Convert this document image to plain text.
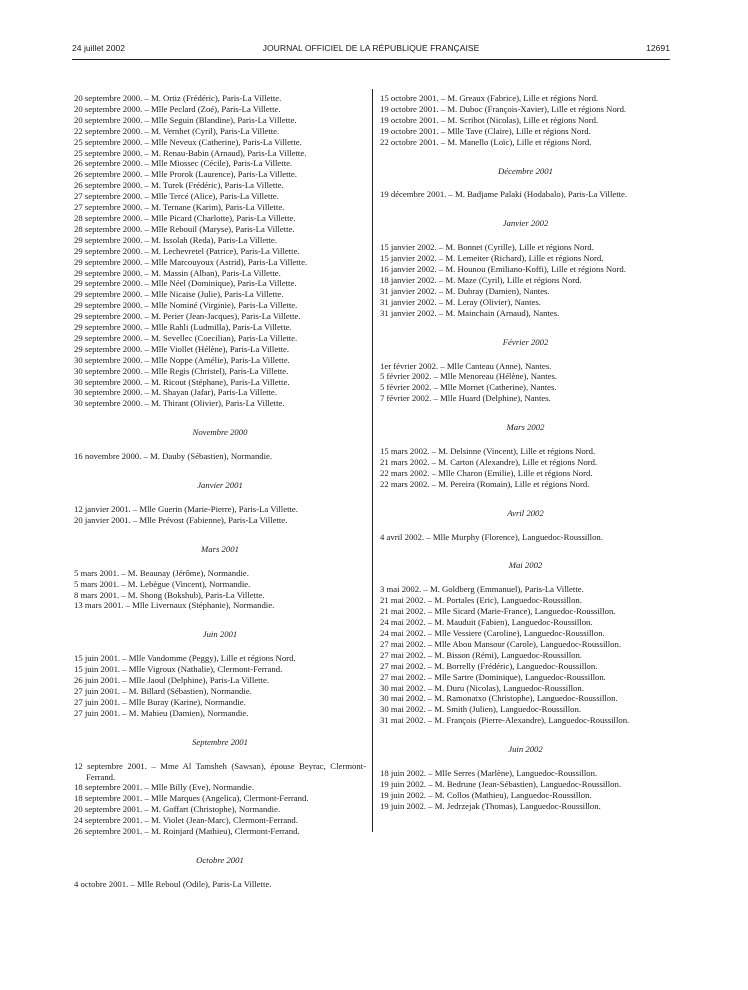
24 juillet 2002	JOURNAL OFFICIEL DE LA RÉPUBLIQUE FRANÇAISE	12691
20 septembre 2000. – M. Ortiz (Frédéric), Paris-La Villette.
20 septembre 2000. – Mlle Peclard (Zoé), Paris-La Villette.
20 septembre 2000. – Mlle Seguin (Blandine), Paris-La Villette.
22 septembre 2000. – M. Vernhet (Cyril), Paris-La Villette.
25 septembre 2000. – Mlle Neveux (Catherine), Paris-La Villette.
25 septembre 2000. – M. Renau-Babin (Arnaud), Paris-La Villette.
26 septembre 2000. – Mlle Miossec (Cécile), Paris-La Villette.
26 septembre 2000. – Mlle Prorok (Laurence), Paris-La Villette.
26 septembre 2000. – M. Turek (Frédéric), Paris-La Villette.
27 septembre 2000. – Mlle Tercé (Alice), Paris-La Villette.
27 septembre 2000. – M. Ternane (Karim), Paris-La Villette.
28 septembre 2000. – Mlle Picard (Charlotte), Paris-La Villette.
28 septembre 2000. – Mlle Rebouil (Maryse), Paris-La Villette.
29 septembre 2000. – M. Issolah (Reda), Paris-La Villette.
29 septembre 2000. – M. Lechevretel (Patrice), Paris-La Villette.
29 septembre 2000. – Mlle Marcouyoux (Astrid), Paris-La Villette.
29 septembre 2000. – M. Massin (Alban), Paris-La Villette.
29 septembre 2000. – Mlle Néel (Dominique), Paris-La Villette.
29 septembre 2000. – Mlle Nicaise (Julie), Paris-La Villette.
29 septembre 2000. – Mlle Nominé (Virginie), Paris-La Villette.
29 septembre 2000. – M. Perier (Jean-Jacques), Paris-La Villette.
29 septembre 2000. – Mlle Rahli (Ludmilla), Paris-La Villette.
29 septembre 2000. – M. Sevellec (Coecilian), Paris-La Villette.
29 septembre 2000. – Mlle Viollet (Hélène), Paris-La Villette.
30 septembre 2000. – Mlle Noppe (Amélie), Paris-La Villette.
30 septembre 2000. – Mlle Regis (Christel), Paris-La Villette.
30 septembre 2000. – M. Ricout (Stéphane), Paris-La Villette.
30 septembre 2000. – M. Shayan (Jafar), Paris-La Villette.
30 septembre 2000. – M. Thirant (Olivier), Paris-La Villette.
Novembre 2000
16 novembre 2000. – M. Dauby (Sébastien), Normandie.
Janvier 2001
12 janvier 2001. – Mlle Guerin (Marie-Pierre), Paris-La Villette.
20 janvier 2001. – Mlle Prévost (Fabienne), Paris-La Villette.
Mars 2001
5 mars 2001. – M. Beaunay (Jérôme), Normandie.
5 mars 2001. – M. Lebègue (Vincent), Normandie.
8 mars 2001. – M. Shong (Bokshub), Paris-La Villette.
13 mars 2001. – Mlle Livernaux (Stéphanie), Normandie.
Juin 2001
15 juin 2001. – Mlle Vandomme (Peggy), Lille et régions Nord.
15 juin 2001. – Mlle Vigroux (Nathalie), Clermont-Ferrand.
26 juin 2001. – Mlle Jaoul (Delphine), Paris-La Villette.
27 juin 2001. – M. Billard (Sébastien), Normandie.
27 juin 2001. – Mlle Buray (Karine), Normandie.
27 juin 2001. – M. Mahieu (Damien), Normandie.
Septembre 2001
12 septembre 2001. – Mme Al Tamsheh (Sawsan), épouse Beyrac, Clermont-Ferrand.
18 septembre 2001. – Mlle Billy (Eve), Normandie.
18 septembre 2001. – Mlle Marques (Angelica), Clermont-Ferrand.
20 septembre 2001. – M. Goffart (Christophe), Normandie.
24 septembre 2001. – M. Violet (Jean-Marc), Clermont-Ferrand.
26 septembre 2001. – M. Roinjard (Mathieu), Clermont-Ferrand.
Octobre 2001
4 octobre 2001. – Mlle Reboul (Odile), Paris-La Villette.
15 octobre 2001. – M. Greaux (Fabrice), Lille et régions Nord.
19 octobre 2001. – M. Duboc (François-Xavier), Lille et régions Nord.
19 octobre 2001. – M. Scribot (Nicolas), Lille et régions Nord.
19 octobre 2001. – Mlle Tave (Claire), Lille et régions Nord.
22 octobre 2001. – M. Manello (Loïc), Lille et régions Nord.
Décembre 2001
19 décembre 2001. – M. Badjame Palaki (Hodabalo), Paris-La Villette.
Janvier 2002
15 janvier 2002. – M. Bonnet (Cyrille), Lille et régions Nord.
15 janvier 2002. – M. Lemeiter (Richard), Lille et régions Nord.
16 janvier 2002. – M. Hounou (Emiliano-Koffi), Lille et régions Nord.
18 janvier 2002. – M. Maze (Cyril), Lille et régions Nord.
31 janvier 2002. – M. Dubray (Damien), Nantes.
31 janvier 2002. – M. Leray (Olivier), Nantes.
31 janvier 2002. – M. Mainchain (Arnaud), Nantes.
Février 2002
1er février 2002. – Mlle Canteau (Anne), Nantes.
5 février 2002. – Mlle Menoreau (Hélène), Nantes.
5 février 2002. – Mlle Mornet (Catherine), Nantes.
7 février 2002. – Mlle Huard (Delphine), Nantes.
Mars 2002
15 mars 2002. – M. Delsinne (Vincent), Lille et régions Nord.
21 mars 2002. – M. Carton (Alexandre), Lille et régions Nord.
22 mars 2002. – Mlle Charon (Emilie), Lille et régions Nord.
22 mars 2002. – M. Pereira (Romain), Lille et régions Nord.
Avril 2002
4 avril 2002. – Mlle Murphy (Florence), Languedoc-Roussillon.
Mai 2002
3 mai 2002. – M. Goldberg (Emmanuel), Paris-La Villette.
21 mai 2002. – M. Portales (Eric), Languedoc-Roussillon.
21 mai 2002. – Mlle Sicard (Marie-France), Languedoc-Roussillon.
24 mai 2002. – M. Mauduit (Fabien), Languedoc-Roussillon.
24 mai 2002. – Mlle Vessiere (Caroline), Languedoc-Roussillon.
27 mai 2002. – Mlle Abou Mansour (Carole), Languedoc-Roussillon.
27 mai 2002. – M. Bisson (Rémi), Languedoc-Roussillon.
27 mai 2002. – M. Borrelly (Frédéric), Languedoc-Roussillon.
27 mai 2002. – Mlle Sartre (Dominique), Languedoc-Roussillon.
30 mai 2002. – M. Duru (Nicolas), Languedoc-Roussillon.
30 mai 2002. – M. Ramonatxo (Christophe), Languedoc-Roussillon.
30 mai 2002. – M. Smith (Julien), Languedoc-Roussillon.
31 mai 2002. – M. François (Pierre-Alexandre), Languedoc-Roussillon.
Juin 2002
18 juin 2002. – Mlle Serres (Marlène), Languedoc-Roussillon.
19 juin 2002. – M. Bedrune (Jean-Sébastien), Languedoc-Roussillon.
19 juin 2002. – M. Collos (Mathieu), Languedoc-Roussillon.
19 juin 2002. – M. Jedrzejak (Thomas), Languedoc-Roussillon.
